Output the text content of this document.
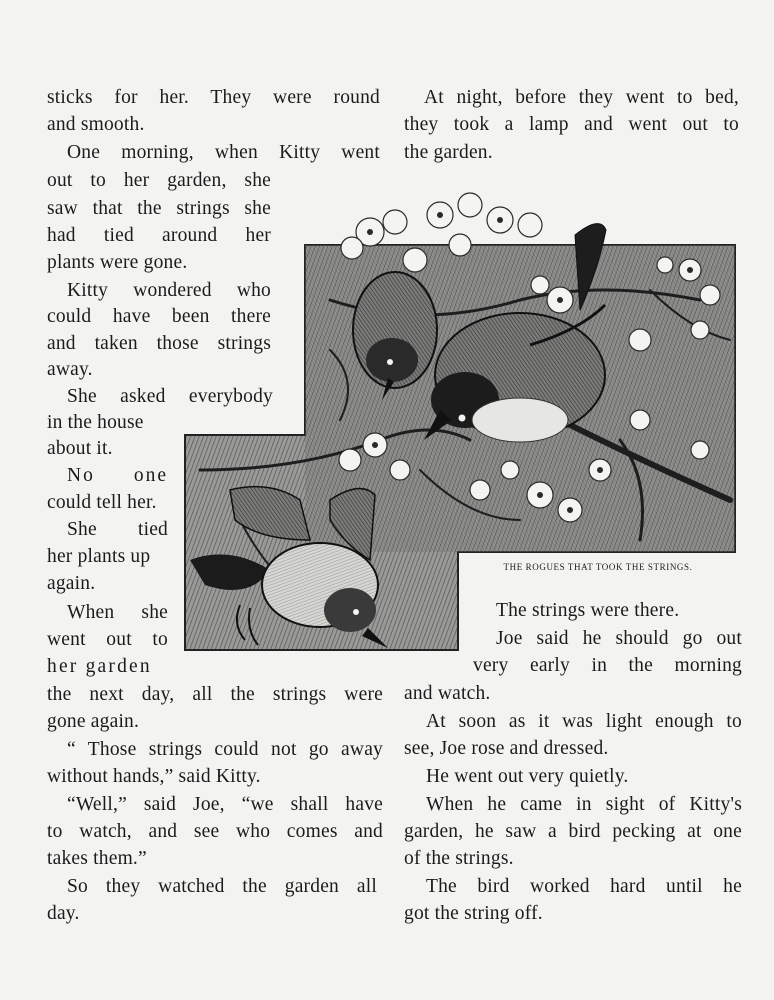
THE ROGUES THAT TOOK THE STRINGS.
sticks for her. They were round
and smooth.
One morning, when Kitty went
out to her garden, she
saw that the strings she
had tied around her
plants were gone.
Kitty wondered who
could have been there
and taken those strings
away.
She asked everybody
in the house
about it.
No one
could tell her.
She tied
her plants up
again.
When she
went out to
her garden
the next day, all the strings were
gone again.
“ Those strings could not go away
without hands,” said Kitty.
“Well,” said Joe, “we shall have
to watch, and see who comes and
takes them.”
So they watched the garden all
day.
At night, before they went to bed,
they took a lamp and went out to
the garden.
The strings were there.
Joe said he should go out
very early in the morning
and watch.
At soon as it was light enough to
see, Joe rose and dressed.
He went out very quietly.
When he came in sight of Kitty's
garden, he saw a bird pecking at one
of the strings.
The bird worked hard until he
got the string off.
